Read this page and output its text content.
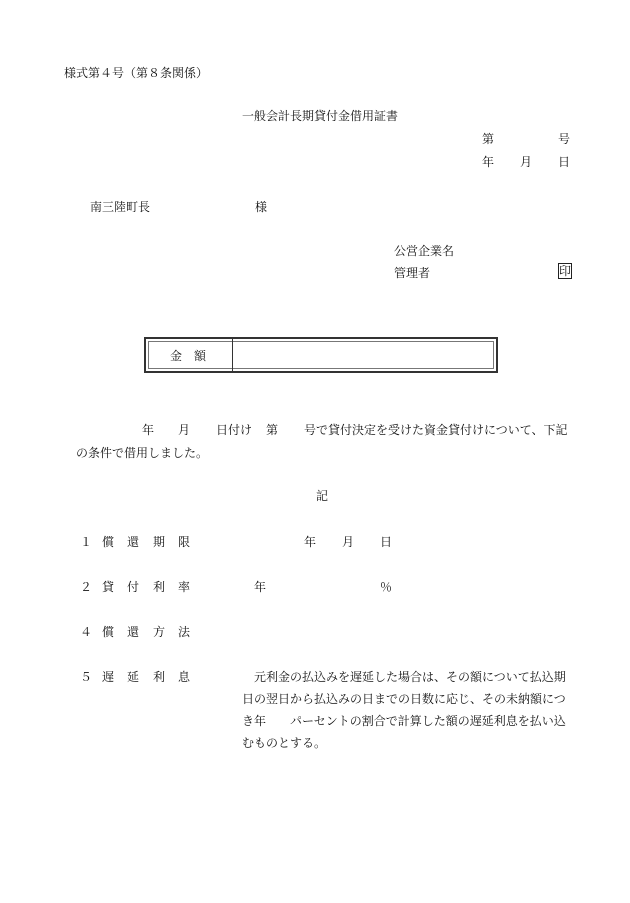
様式第４号（第８条関係）
一般会計長期貸付金借用証書
第	号
年 月 日
南三陸町長	様
公営企業名
管理者	印
金　額
年 月 日付け 第 号で貸付決定を受けた資金貸付けについて、下記
の条件で借用しました。
記
１ 償 還 期 限	年 月 日
２ 貸 付 利 率	年	％
４ 償 還 方 法
５ 遅 延 利 息	　元利金の払込みを遅延した場合は、その額について払込期
日の翌日から払込みの日までの日数に応じ、その未納額につ
き年　　パーセントの割合で計算した額の遅延利息を払い込
むものとする。
